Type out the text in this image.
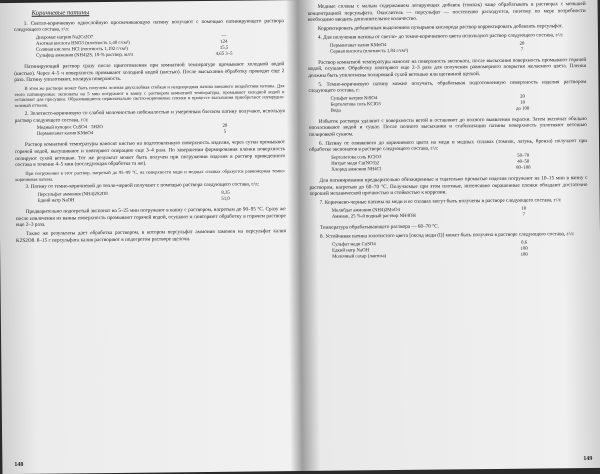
Коричневые патины

1. Светло-коричневую однослойную просвечивающую патину получают с помощью патинирующего раствора следующего состава, г/л:

Дихромат натрия Na2Cr2O7	—
Азотная кислота HNO3 (плотность 1,40 г/см³)	124
Соляная кислота HCl (плотность 1,192 г/см³)	15,5
Сульфид аммония (NH4)2S, 18-% раствор, мл/л	4,65 3–5

Патинирующий раствор сразу после приготовления при комнатной температуре промывают холодной водой (кистью). Через 4–5 ч поверхность промывают холодной водой (кистью). После высыхания обработку проводят еще 2 раза. Патину упплотняют, полируя поверхность.

В этом же растворе может быть получена зеленая двухслойная стойкая и неоднородная патина внешнего воздействия патины. Для этого патинируемые экспонаты на 5 мин погружают в ванну с раствором комнатной температуры, промывают холодной водой и оставляют для просушки. Образовавшиеся первоначально светло-коричневые пленки в процессе высыхания приобретают изумрудно-зеленый оттенок.

2. Золотисто-коричневую со слабой молочностью побежалостью и умеренным блеском патину получают, используя раствор следующего состава, г/л:

Медный купорос CuSO4 · 5H2O	20
Перманганат калия KMnO4	5

Раствор комнатной температуры наносят кистью на подготовленную поверхность изделия, через сутки промывают горячей водой, высушивают и повторяют операцию еще 3–4 раза. По завершении формирования пленки поверхность полируют сухой ветошью. Тот же результат может быть получен при погружении изделия в раствор приведенного состава в течение 4–5 мин (последующая обработка та же).

При погружении в этот раствор, нагретый до 95–99 °С, на поверхности меди и медных сплавах образуется равномерная темно-коричневая патина.

3. Патину от темно-коричневой до тепло-черной получают с помощью раствора следующего состава, г/л:

Персульфат аммония (NH4)2S2O8	8,35
Едкий натр NaOH	51,0

Предварительно подогретый экспонат на 5–25 мин погружают в ванну с раствором, нагретым до 90–95 °С. Сразу же после извлечения из ванны поверхность промывают горячей водой, осушают и повторяют обработку в горячем растворе еще 2–3 раза.

Также же результаты дает обработка раствором, в котором персульфат аммония заменен на персульфат калия K2S2O8. 8–15 г персульфата калия растворяют в подогретом растворе щелочи.

148

Медные сплавы с малым содержанием легирующих добавок (томпак) чаще обрабатывать в растворах с меньшей концентрацией персульфата. Окислитель — персульфат — постепенно расходуется, поэтому по мере потребности необходимо вводить дополнительное количество.

Корректировать добавочным выделением пузырьков кислорода раствор корректировать добавлять персульфат.

4. Для получения патины от светло- до темно-коричневого цвета используют раствор следующего состава, г/л:

Перманганат калия KMnO4	20
Серная кислота (плотность 1,84 г/см³)	7

Раствор комнатной температуры наносят на поверхность экспоната, после высыхания поверхность промывают горячей водой, осушают. Обработку повторяют еще 2–3 раза для получения равномерного покрытия желаемого цвета. Пленки должны быть упплотнены полировкой сухой ветошью или щетинной щеткой.

5. Темно-коричневую патину можно получить, обрабатывая подготовленную поверхность изделия раствором следующего состава, г:

Сульфат натрия NiSO4	20
Бертолетова соль KClO3	10
Вода	до 100

Избыток раствора удаляют с поверхности ветой и оставляют до полного выявления окраски. Затем экспонат обильно ополаскивают водой и сушат. После полного высыхания и стабилизации патины поверхность уплотняют ветошью полировкой сукном.

6. Патину от оливкового до коричневого цвета на меди и медных сплавах (томпак, латунь, бронза) получают при обработке экспонатов в растворе следующего состава, г/л:

Бертолетова соль KClO3	50–70
Нитрат меди Cu(NO3)2	40–50
Хлорид аммония NH4Cl	80–100

Для патинирования предварительно обезжиренные и тщательно промытые изделия погружают на 10–15 мин в ванну с раствором, нагретым до 60–70 °С. Получаемые при этом плотные, интенсивно окрашенные пленки обладают достаточно хорошей механической прочностью и стойкостью к коррозии.

7. Коричнево-черные патины на меди и ее сплавах могут быть получены в растворе следующего состава, г/л:

Молибдат аммония (NH4)2MoO4	10
Аммиак, 25 %-й водный раствор NH4OH	7

Температура обрабатывающего раствора — 60–70 °С.

8. Устойчивая патина золотистого цвета [оксид меди (I)] может быть получена в растворе следующего состава, г/л:

Сульфат меди CuSO4	0,6
Едкий натр NaOH	180
Молочный сахар (лактоза)	180
149
